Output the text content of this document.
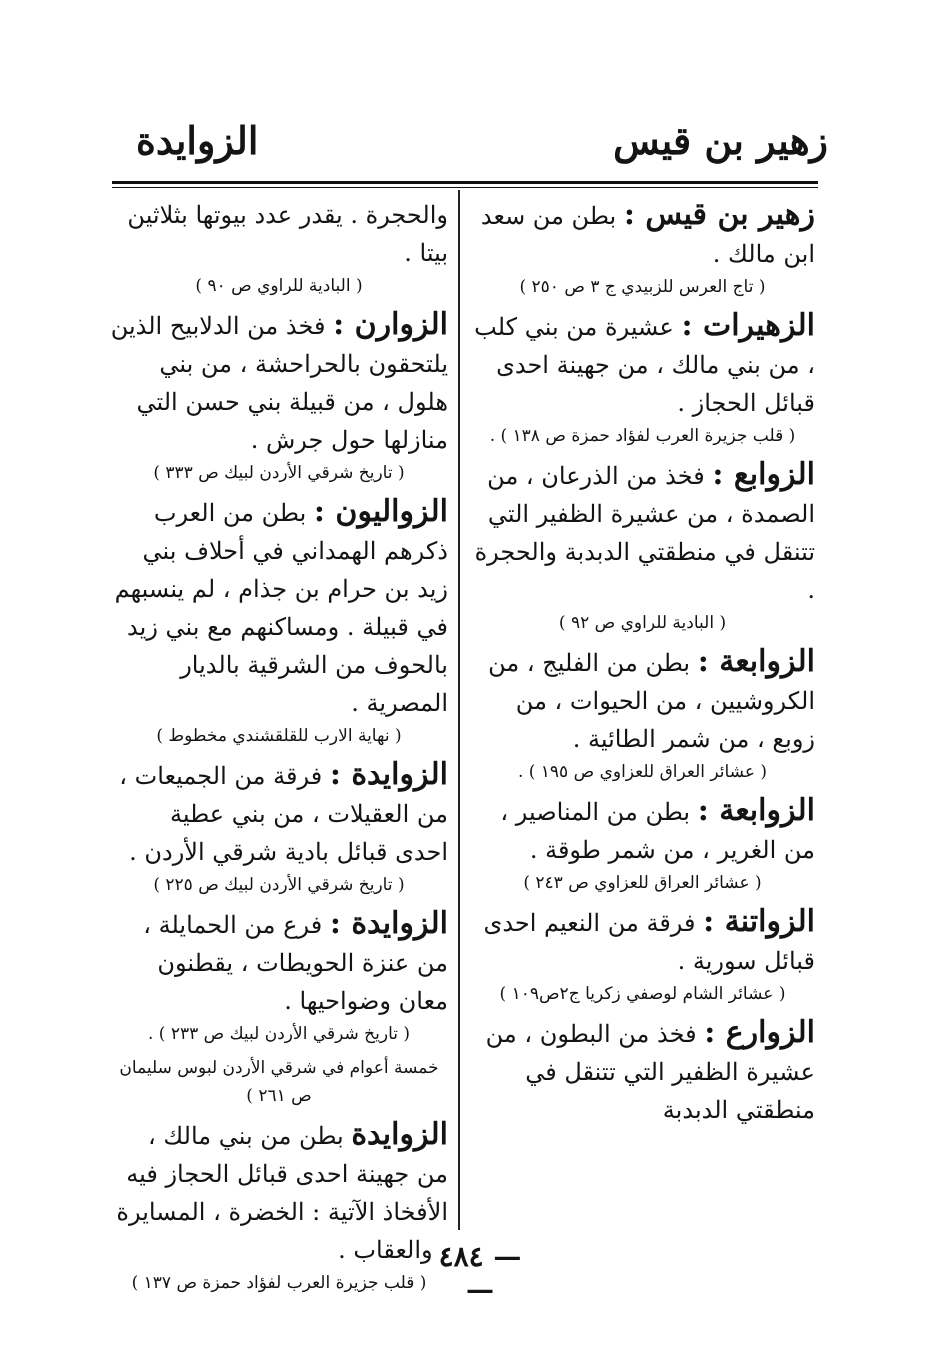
زهير بن قيس
الزوايدة

زهير بن قيس : بطن من سعد ابن مالك .

( تاج العرس للزبيدي ج ٣ ص ٢٥٠ )

الزهيرات : عشيرة من بني كلب ، من بني مالك ، من جهينة احدى قبائل الحجاز .

( قلب جزيرة العرب لفؤاد حمزة ص ١٣٨ ) .

الزوابع : فخذ من الذرعان ، من الصمدة ، من عشيرة الظفير التي تتنقل في منطقتي الدبدبة والحجرة .

( البادية للراوي ص ٩٢ )

الزوابعة : بطن من الفليج ، من الكروشيين ، من الحيوات ، من زوبع ، من شمر الطائية .

( عشائر العراق للعزاوي ص ١٩٥ ) .

الزوابعة : بطن من المناصير ، من الغرير ، من شمر طوقة .

( عشائر العراق للعزاوي ص ٢٤٣ )

الزواتنة : فرقة من النعيم احدى قبائل سورية .

( عشائر الشام لوصفي زكريا ج٢ص١٠٩ )

الزوارع : فخذ من البطون ، من عشيرة الظفير التي تتنقل في منطقتي الدبدبة

والحجرة . يقدر عدد بيوتها بثلاثين بيتا .

( البادية للراوي ص ٩٠ )

الزوارن : فخذ من الدلابيح الذين يلتحقون بالحراحشة ، من بني هلول ، من قبيلة بني حسن التي منازلها حول جرش .

( تاريخ شرقي الأردن لبيك ص ٣٣٣ )

الزواليون : بطن من العرب ذكرهم الهمداني في أحلاف بني زيد بن حرام بن جذام ، لم ينسبهم في قبيلة . ومساكنهم مع بني زيد بالحوف من الشرقية بالديار المصرية .

( نهاية الارب للقلقشندي مخطوط )

الزوايدة : فرقة من الجميعات ، من العقيلات ، من بني عطية احدى قبائل بادية شرقي الأردن .

( تاريخ شرقي الأردن لبيك ص ٢٢٥ )

الزوايدة : فرع من الحمايلة ، من عنزة الحويطات ، يقطنون معان وضواحيها .

( تاريخ شرقي الأردن لبيك ص ٢٣٣ ) .
خمسة أعوام في شرقي الأردن لبوس سليمان ص ٢٦١ )

الزوايدة بطن من بني مالك ، من جهينة احدى قبائل الحجاز فيه الأفخاذ الآتية : الخضرة ، المسايرة ، والعقاب .

( قلب جزيرة العرب لفؤاد حمزة ص ١٣٧ )
— ٤٨٤ —
